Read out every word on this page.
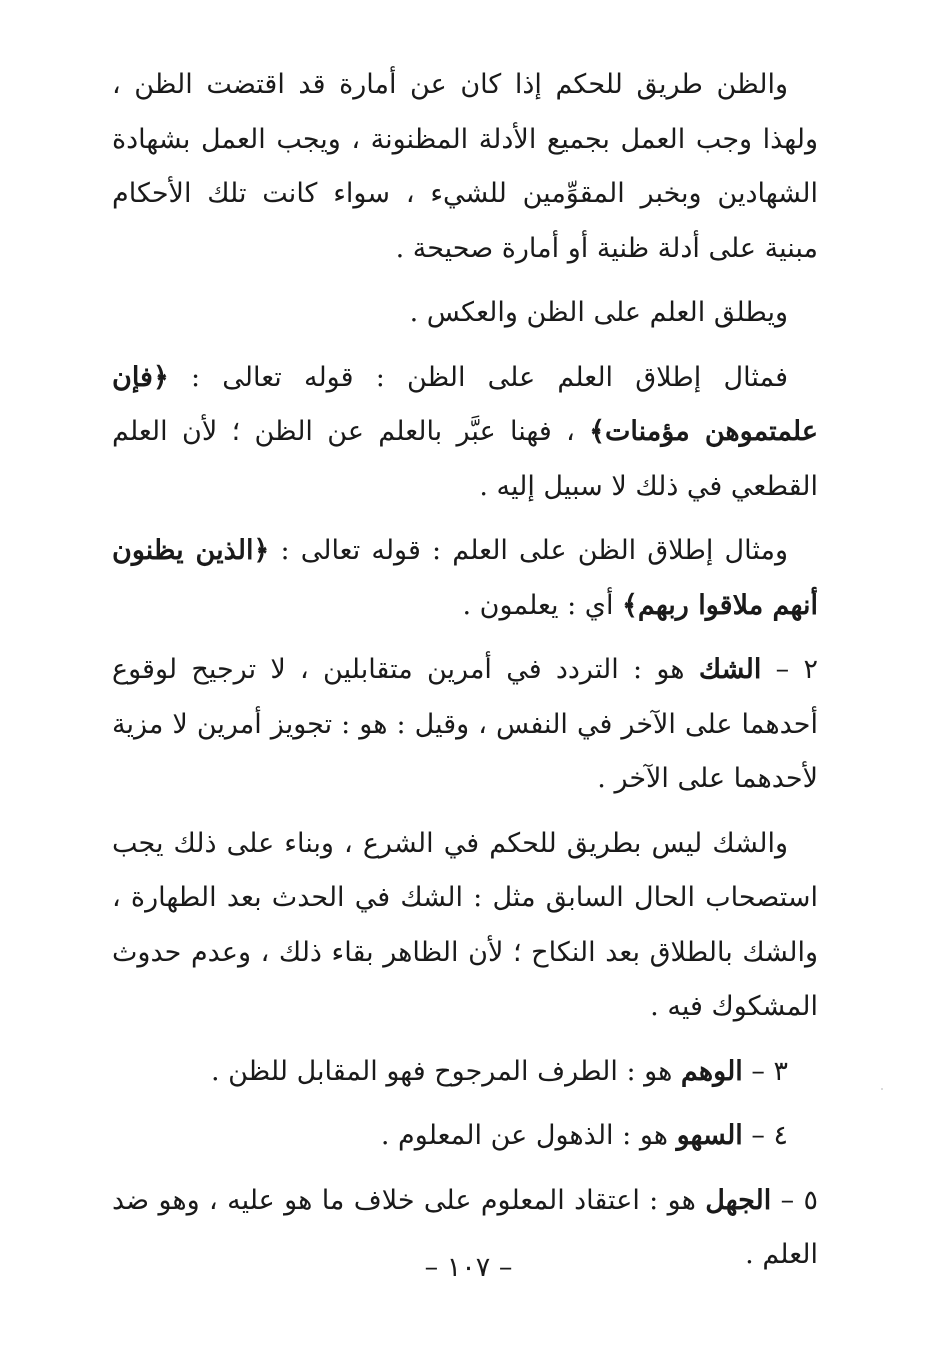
والظن طريق للحكم إذا كان عن أمارة قد اقتضت الظن ، ولهذا وجب العمل بجميع الأدلة المظنونة ، ويجب العمل بشهادة الشهادين وبخبر المقوِّمين للشيء ، سواء كانت تلك الأحكام مبنية على أدلة ظنية أو أمارة صحيحة .

ويطلق العلم على الظن والعكس .

فمثال إطلاق العلم على الظن : قوله تعالى : ﴿فإن علمتموهن مؤمنات﴾ ، فهنا عبَّر بالعلم عن الظن ؛ لأن العلم القطعي في ذلك لا سبيل إليه .

ومثال إطلاق الظن على العلم : قوله تعالى : ﴿الذين يظنون أنهم ملاقوا ربهم﴾ أي : يعلمون .

٢ – الشك هو : التردد في أمرين متقابلين ، لا ترجيح لوقوع أحدهما على الآخر في النفس ، وقيل : هو : تجويز أمرين لا مزية لأحدهما على الآخر .

والشك ليس بطريق للحكم في الشرع ، وبناء على ذلك يجب استصحاب الحال السابق مثل : الشك في الحدث بعد الطهارة ، والشك بالطلاق بعد النكاح ؛ لأن الظاهر بقاء ذلك ، وعدم حدوث المشكوك فيه .

٣ – الوهم هو : الطرف المرجوح فهو المقابل للظن .

٤ – السهو هو : الذهول عن المعلوم .

٥ – الجهل هو : اعتقاد المعلوم على خلاف ما هو عليه ، وهو ضد العلم .

– ١٠٧ –
